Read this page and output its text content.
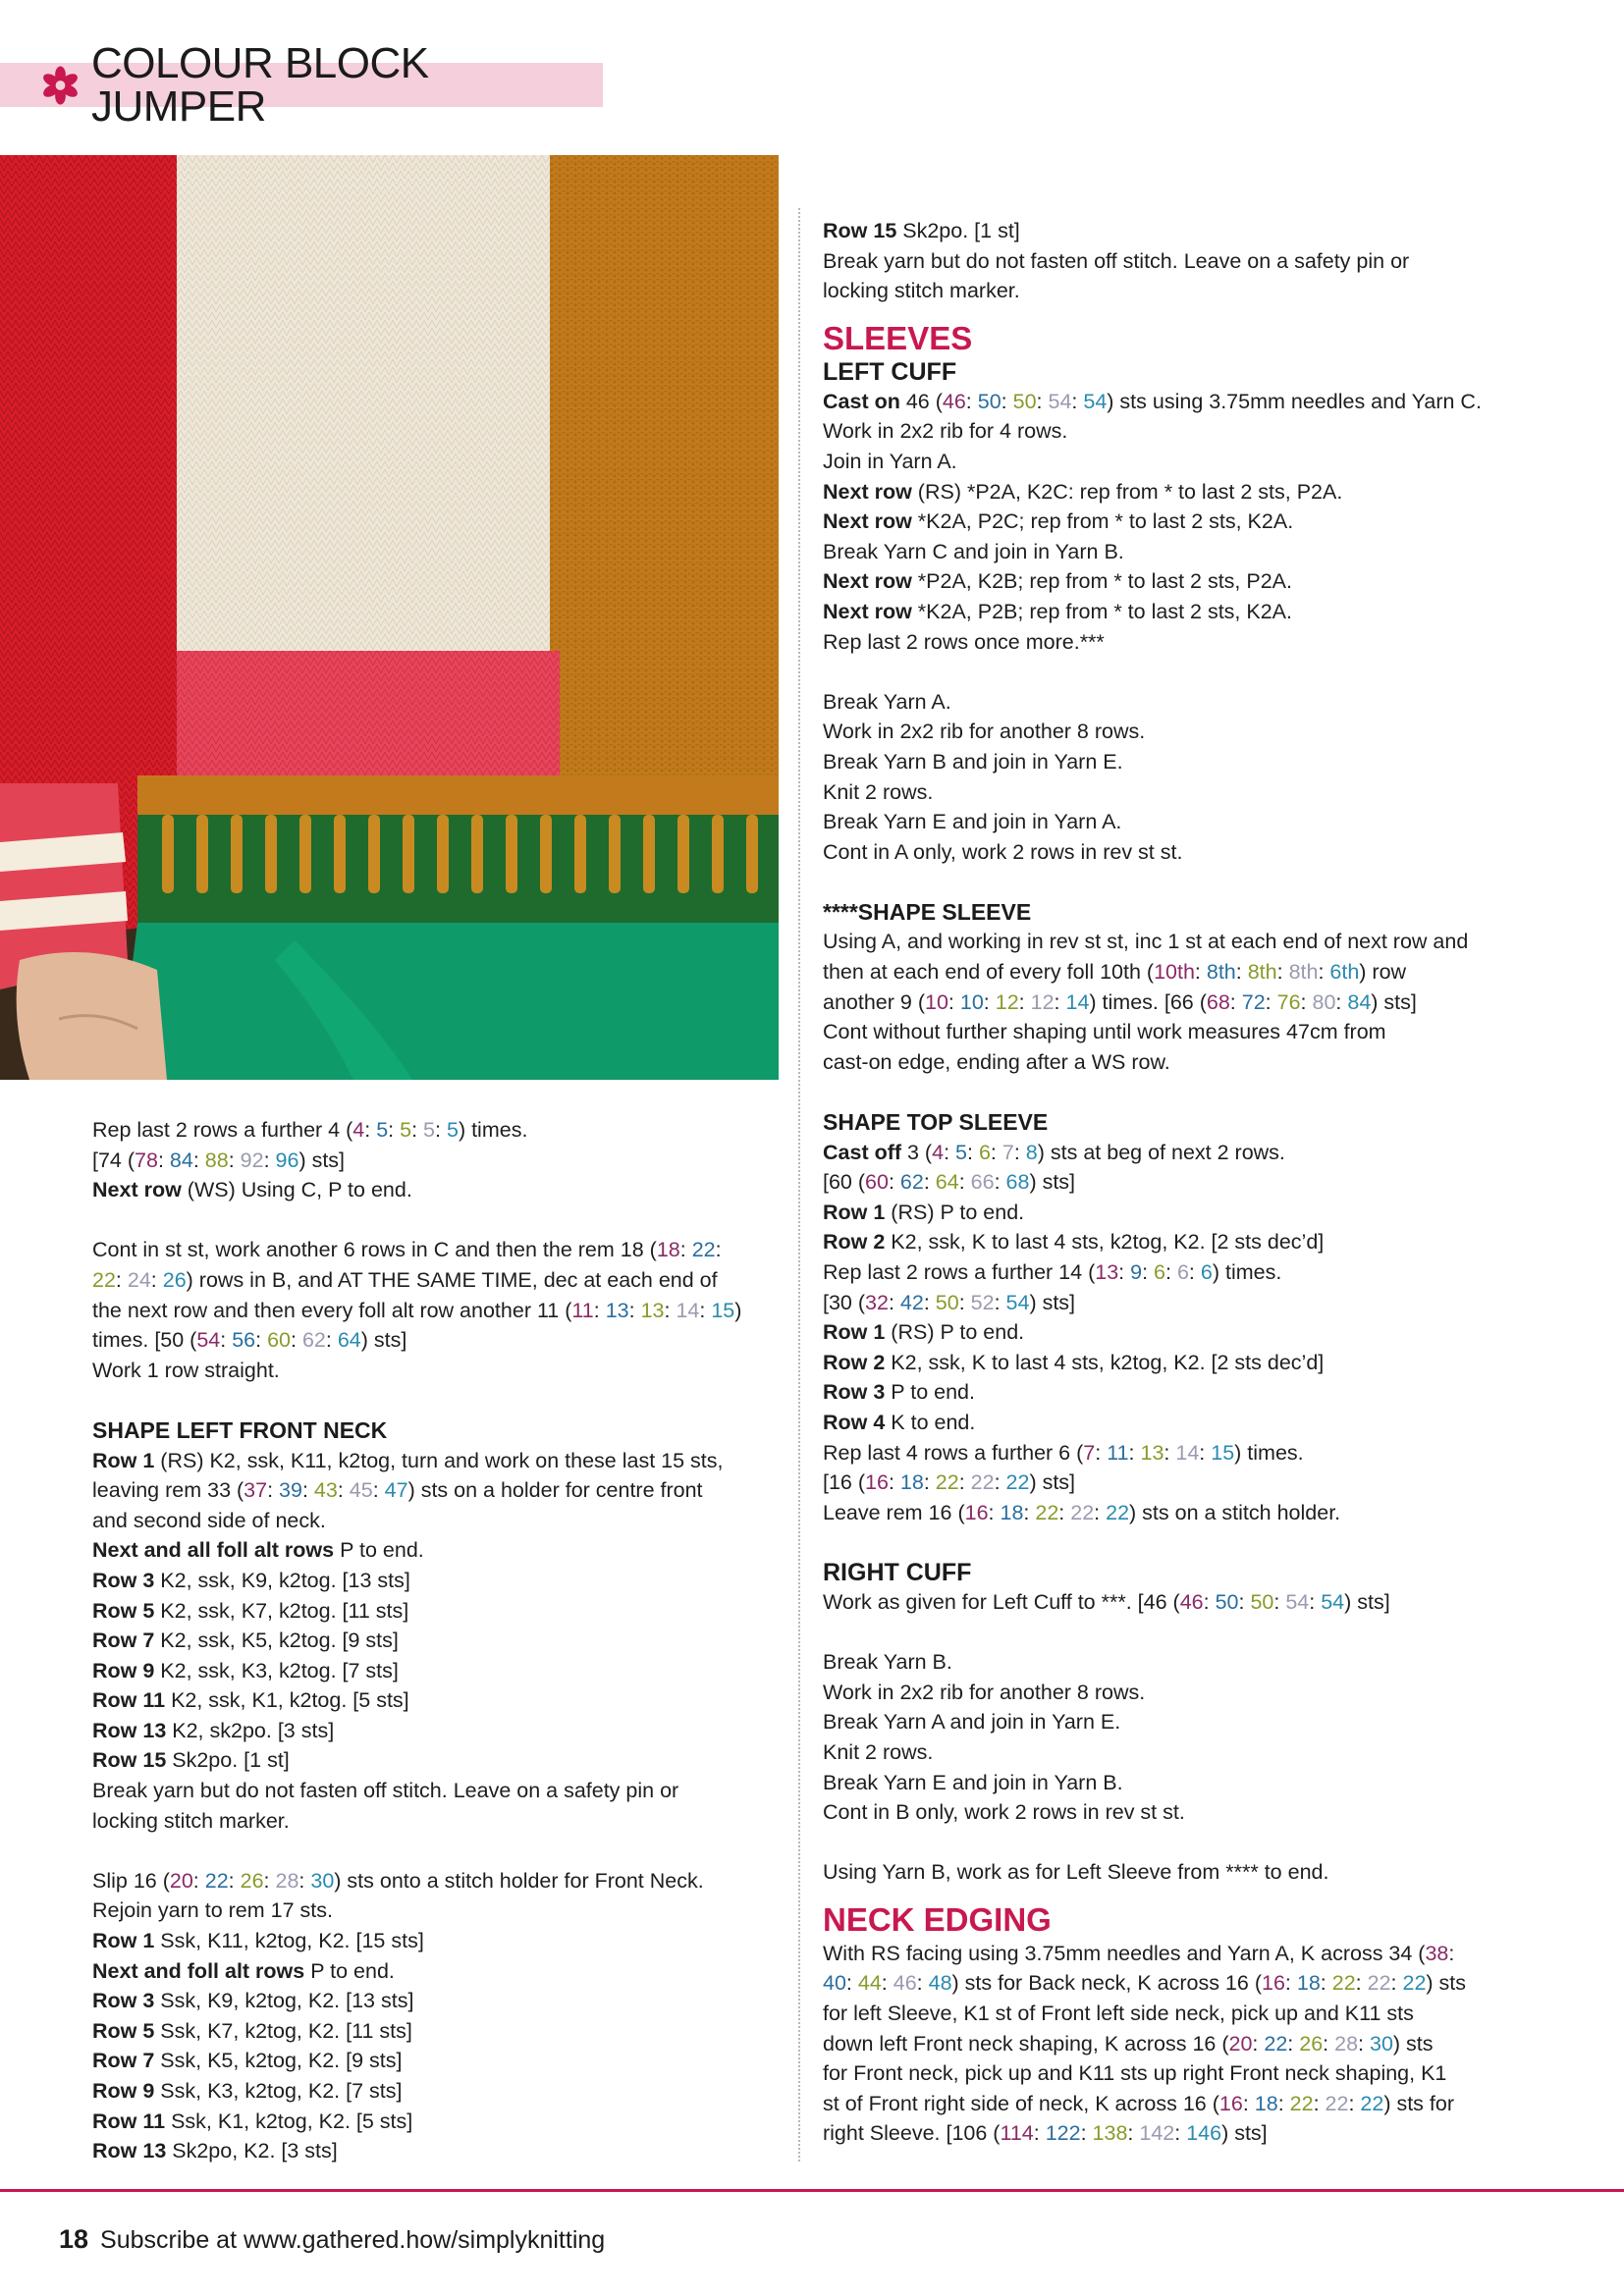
COLOUR BLOCK JUMPER

Rep last 2 rows a further 4 (4: 5: 5: 5: 5) times.

[74 (78: 84: 88: 92: 96) sts]

Next row (WS) Using C, P to end.

Cont in st st, work another 6 rows in C and then the rem 18 (18: 22:

22: 24: 26) rows in B, and AT THE SAME TIME, dec at each end of

the next row and then every foll alt row another 11 (11: 13: 13: 14: 15)

times. [50 (54: 56: 60: 62: 64) sts]

Work 1 row straight.

SHAPE LEFT FRONT NECK

Row 1 (RS) K2, ssk, K11, k2tog, turn and work on these last 15 sts,

leaving rem 33 (37: 39: 43: 45: 47) sts on a holder for centre front

and second side of neck.

Next and all foll alt rows P to end.

Row 3 K2, ssk, K9, k2tog. [13 sts]

Row 5 K2, ssk, K7, k2tog. [11 sts]

Row 7 K2, ssk, K5, k2tog. [9 sts]

Row 9 K2, ssk, K3, k2tog. [7 sts]

Row 11 K2, ssk, K1, k2tog. [5 sts]

Row 13 K2, sk2po. [3 sts]

Row 15 Sk2po. [1 st]

Break yarn but do not fasten off stitch. Leave on a safety pin or

locking stitch marker.

Slip 16 (20: 22: 26: 28: 30) sts onto a stitch holder for Front Neck.

Rejoin yarn to rem 17 sts.

Row 1 Ssk, K11, k2tog, K2. [15 sts]

Next and foll alt rows P to end.

Row 3 Ssk, K9, k2tog, K2. [13 sts]

Row 5 Ssk, K7, k2tog, K2. [11 sts]

Row 7 Ssk, K5, k2tog, K2. [9 sts]

Row 9 Ssk, K3, k2tog, K2. [7 sts]

Row 11 Ssk, K1, k2tog, K2. [5 sts]

Row 13 Sk2po, K2. [3 sts]

Row 15 Sk2po. [1 st]

Break yarn but do not fasten off stitch. Leave on a safety pin or

locking stitch marker.

SLEEVES

LEFT CUFF

Cast on 46 (46: 50: 50: 54: 54) sts using 3.75mm needles and Yarn C.

Work in 2x2 rib for 4 rows.

Join in Yarn A.

Next row (RS) *P2A, K2C: rep from * to last 2 sts, P2A.

Next row *K2A, P2C; rep from * to last 2 sts, K2A.

Break Yarn C and join in Yarn B.

Next row *P2A, K2B; rep from * to last 2 sts, P2A.

Next row *K2A, P2B; rep from * to last 2 sts, K2A.

Rep last 2 rows once more.***

Break Yarn A.

Work in 2x2 rib for another 8 rows.

Break Yarn B and join in Yarn E.

Knit 2 rows.

Break Yarn E and join in Yarn A.

Cont in A only, work 2 rows in rev st st.

****SHAPE SLEEVE

Using A, and working in rev st st, inc 1 st at each end of next row and

then at each end of every foll 10th (10th: 8th: 8th: 8th: 6th) row

another 9 (10: 10: 12: 12: 14) times. [66 (68: 72: 76: 80: 84) sts]

Cont without further shaping until work measures 47cm from

cast-on edge, ending after a WS row.

SHAPE TOP SLEEVE

Cast off 3 (4: 5: 6: 7: 8) sts at beg of next 2 rows.

[60 (60: 62: 64: 66: 68) sts]

Row 1 (RS) P to end.

Row 2 K2, ssk, K to last 4 sts, k2tog, K2. [2 sts dec’d]

Rep last 2 rows a further 14 (13: 9: 6: 6: 6) times.

[30 (32: 42: 50: 52: 54) sts]

Row 1 (RS) P to end.

Row 2 K2, ssk, K to last 4 sts, k2tog, K2. [2 sts dec’d]

Row 3 P to end.

Row 4 K to end.

Rep last 4 rows a further 6 (7: 11: 13: 14: 15) times.

[16 (16: 18: 22: 22: 22) sts]

Leave rem 16 (16: 18: 22: 22: 22) sts on a stitch holder.

RIGHT CUFF

Work as given for Left Cuff to ***. [46 (46: 50: 50: 54: 54) sts]

Break Yarn B.

Work in 2x2 rib for another 8 rows.

Break Yarn A and join in Yarn E.

Knit 2 rows.

Break Yarn E and join in Yarn B.

Cont in B only, work 2 rows in rev st st.

Using Yarn B, work as for Left Sleeve from **** to end.

NECK EDGING

With RS facing using 3.75mm needles and Yarn A, K across 34 (38:

40: 44: 46: 48) sts for Back neck, K across 16 (16: 18: 22: 22: 22) sts

for left Sleeve, K1 st of Front left side neck, pick up and K11 sts

down left Front neck shaping, K across 16 (20: 22: 26: 28: 30) sts

for Front neck, pick up and K11 sts up right Front neck shaping, K1

st of Front right side of neck, K across 16 (16: 18: 22: 22: 22) sts for

right Sleeve. [106 (114: 122: 138: 142: 146) sts]

18 Subscribe at www.gathered.how/simplyknitting
